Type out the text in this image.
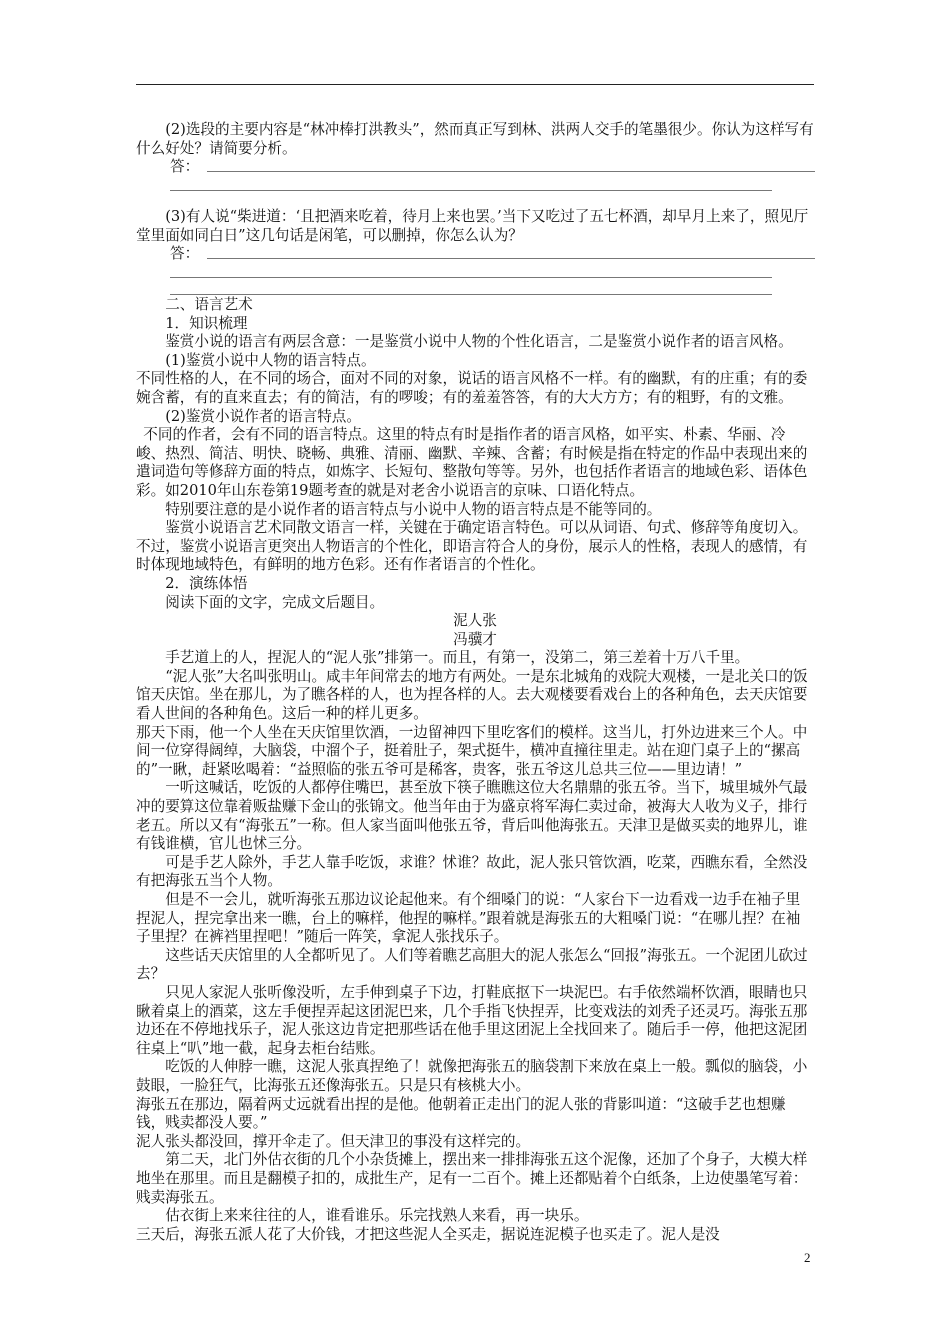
(2)选段的主要内容是“林冲棒打洪教头”，然而真正写到林、洪两人交手的笔墨很少。你认为这样写有什么好处？请简要分析。

答：

(3)有人说“柴进道：‘且把酒来吃着，待月上来也罢。’当下又吃过了五七杯酒，却早月上来了，照见厅堂里面如同白日”这几句话是闲笔，可以删掉，你怎么认为？

答：

二、语言艺术

1．知识梳理

鉴赏小说的语言有两层含意：一是鉴赏小说中人物的个性化语言，二是鉴赏小说作者的语言风格。

(1)鉴赏小说中人物的语言特点。

不同性格的人，在不同的场合，面对不同的对象，说话的语言风格不一样。有的幽默，有的庄重；有的委婉含蓄，有的直来直去；有的简洁，有的啰唆；有的羞羞答答，有的大大方方；有的粗野，有的文雅。

(2)鉴赏小说作者的语言特点。

不同的作者，会有不同的语言特点。这里的特点有时是指作者的语言风格，如平实、朴素、华丽、冷峻、热烈、简洁、明快、晓畅、典雅、清丽、幽默、辛辣、含蓄；有时候是指在特定的作品中表现出来的遣词造句等修辞方面的特点，如炼字、长短句、整散句等等。另外，也包括作者语言的地域色彩、语体色彩。如2010年山东卷第19题考查的就是对老舍小说语言的京味、口语化特点。

特别要注意的是小说作者的语言特点与小说中人物的语言特点是不能等同的。

鉴赏小说语言艺术同散文语言一样，关键在于确定语言特色。可以从词语、句式、修辞等角度切入。不过，鉴赏小说语言更突出人物语言的个性化，即语言符合人的身份，展示人的性格，表现人的感情，有时体现地域特色，有鲜明的地方色彩。还有作者语言的个性化。

2．演练体悟

阅读下面的文字，完成文后题目。

泥人张

冯骥才

手艺道上的人，捏泥人的“泥人张”排第一。而且，有第一，没第二，第三差着十万八千里。

“泥人张”大名叫张明山。咸丰年间常去的地方有两处。一是东北城角的戏院大观楼，一是北关口的饭馆天庆馆。坐在那儿，为了瞧各样的人，也为捏各样的人。去大观楼要看戏台上的各种角色，去天庆馆要看人世间的各种角色。这后一种的样儿更多。

那天下雨，他一个人坐在天庆馆里饮酒，一边留神四下里吃客们的模样。这当儿，打外边进来三个人。中间一位穿得阔绰，大脑袋，中溜个子，挺着肚子，架式挺牛，横冲直撞往里走。站在迎门桌子上的“摞高的”一瞅，赶紧吆喝着：“益照临的张五爷可是稀客，贵客，张五爷这儿总共三位——里边请！”

一听这喊话，吃饭的人都停住嘴巴，甚至放下筷子瞧瞧这位大名鼎鼎的张五爷。当下，城里城外气最冲的要算这位靠着贩盐赚下金山的张锦文。他当年由于为盛京将军海仁卖过命，被海大人收为义子，排行老五。所以又有“海张五”一称。但人家当面叫他张五爷，背后叫他海张五。天津卫是做买卖的地界儿，谁有钱谁横，官儿也怵三分。

可是手艺人除外，手艺人靠手吃饭，求谁？怵谁？故此，泥人张只管饮酒，吃菜，西瞧东看，全然没有把海张五当个人物。

但是不一会儿，就听海张五那边议论起他来。有个细嗓门的说：“人家台下一边看戏一边手在袖子里捏泥人，捏完拿出来一瞧，台上的嘛样，他捏的嘛样。”跟着就是海张五的大粗嗓门说：“在哪儿捏？在袖子里捏？在裤裆里捏吧！”随后一阵笑，拿泥人张找乐子。

这些话天庆馆里的人全都听见了。人们等着瞧艺高胆大的泥人张怎么“回报”海张五。一个泥团儿砍过去？

只见人家泥人张听像没听，左手伸到桌子下边，打鞋底抠下一块泥巴。右手依然端杯饮酒，眼睛也只瞅着桌上的酒菜，这左手便捏弄起这团泥巴来，几个手指飞快捏弄，比变戏法的刘秃子还灵巧。海张五那边还在不停地找乐子，泥人张这边肯定把那些话在他手里这团泥上全找回来了。随后手一停，他把这泥团往桌上“叭”地一截，起身去柜台结账。

吃饭的人伸脖一瞧，这泥人张真捏绝了！就像把海张五的脑袋割下来放在桌上一般。瓢似的脑袋，小鼓眼，一脸狂气，比海张五还像海张五。只是只有核桃大小。

海张五在那边，隔着两丈远就看出捏的是他。他朝着正走出门的泥人张的背影叫道：“这破手艺也想赚钱，贱卖都没人要。”

泥人张头都没回，撑开伞走了。但天津卫的事没有这样完的。

第二天，北门外估衣街的几个小杂货摊上，摆出来一排排海张五这个泥像，还加了个身子，大模大样地坐在那里。而且是翻模子扣的，成批生产，足有一二百个。摊上还都贴着个白纸条，上边使墨笔写着：贱卖海张五。

估衣街上来来往往的人，谁看谁乐。乐完找熟人来看，再一块乐。

三天后，海张五派人花了大价钱，才把这些泥人全买走，据说连泥模子也买走了。泥人是没

2
